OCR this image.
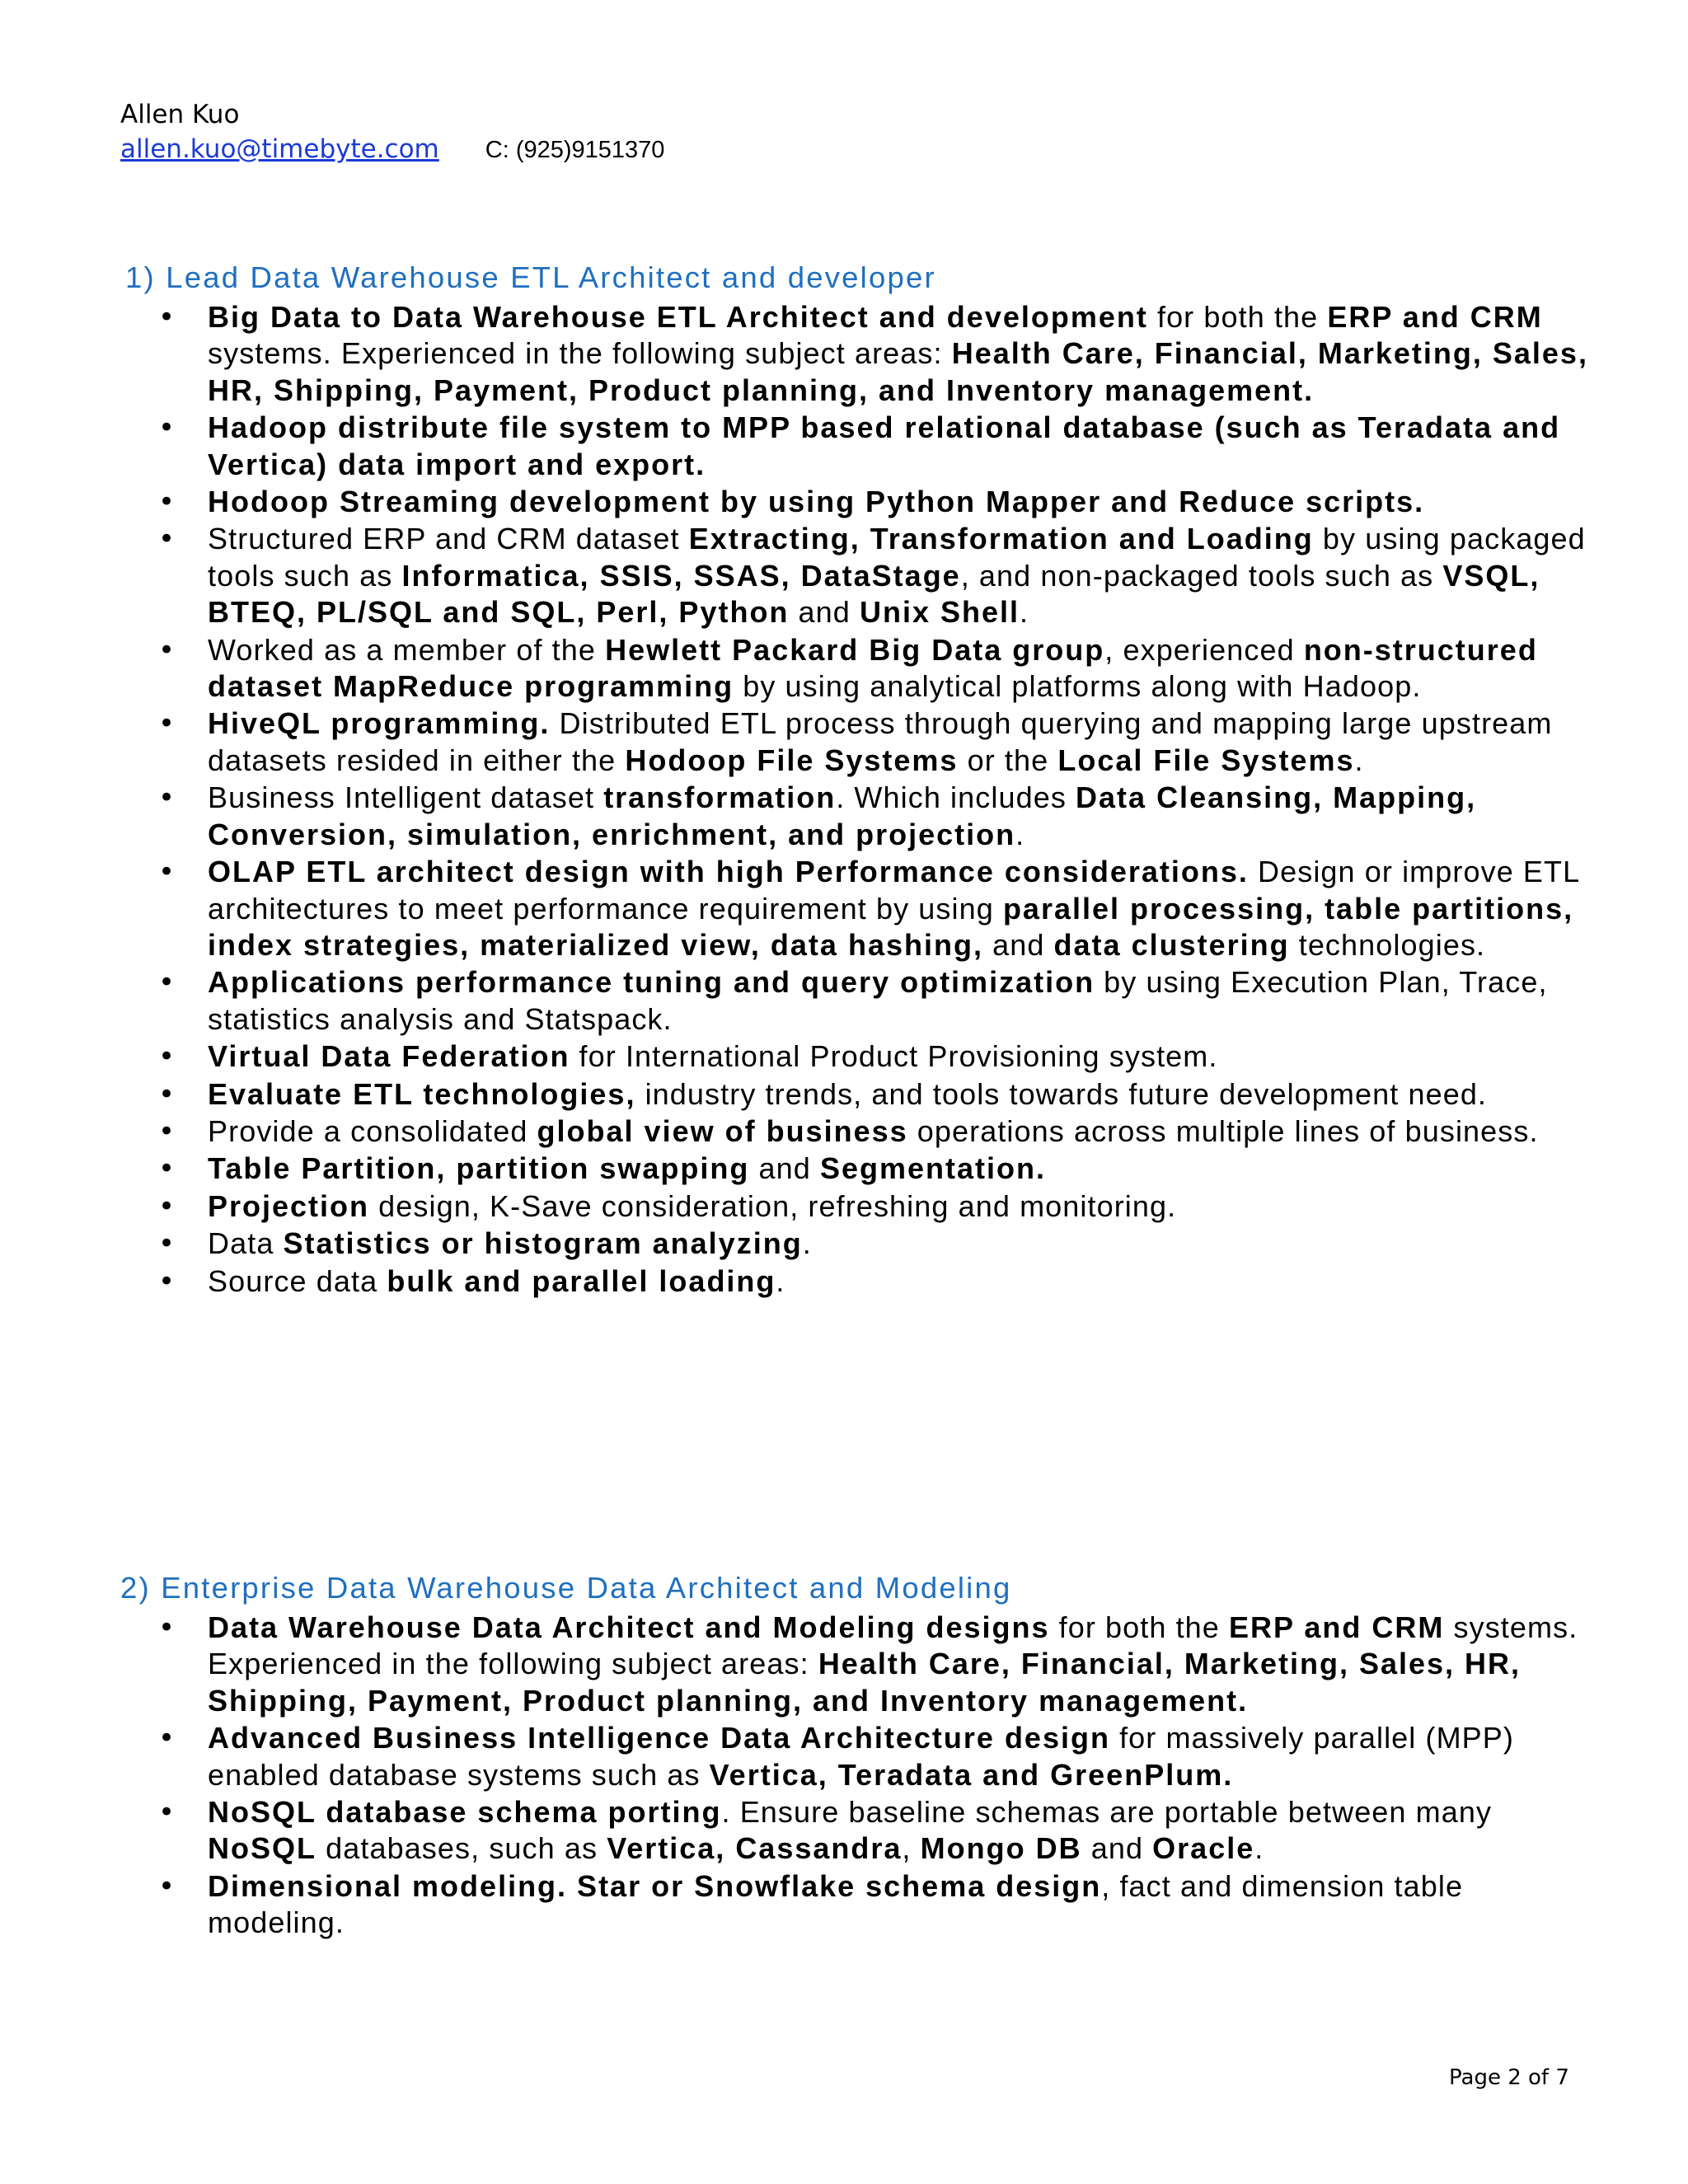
Allen Kuo
allen.kuo@timebyte.com C: (925)9151370
1) Lead Data Warehouse ETL Architect and developer
• Big Data to Data Warehouse ETL Architect and development for both the ERP and CRM systems. Experienced in the following subject areas: Health Care, Financial, Marketing, Sales, HR, Shipping, Payment, Product planning, and Inventory management.
• Hadoop distribute file system to MPP based relational database (such as Teradata and Vertica) data import and export.
• Hodoop Streaming development by using Python Mapper and Reduce scripts.
• Structured ERP and CRM dataset Extracting, Transformation and Loading by using packaged tools such as Informatica, SSIS, SSAS, DataStage, and non-packaged tools such as VSQL, BTEQ, PL/SQL and SQL, Perl, Python and Unix Shell.
• Worked as a member of the Hewlett Packard Big Data group, experienced non-structured dataset MapReduce programming by using analytical platforms along with Hadoop.
• HiveQL programming. Distributed ETL process through querying and mapping large upstream datasets resided in either the Hodoop File Systems or the Local File Systems.
• Business Intelligent dataset transformation. Which includes Data Cleansing, Mapping, Conversion, simulation, enrichment, and projection.
• OLAP ETL architect design with high Performance considerations. Design or improve ETL architectures to meet performance requirement by using parallel processing, table partitions, index strategies, materialized view, data hashing, and data clustering technologies.
• Applications performance tuning and query optimization by using Execution Plan, Trace, statistics analysis and Statspack.
• Virtual Data Federation for International Product Provisioning system.
• Evaluate ETL technologies, industry trends, and tools towards future development need.
• Provide a consolidated global view of business operations across multiple lines of business.
• Table Partition, partition swapping and Segmentation.
• Projection design, K-Save consideration, refreshing and monitoring.
• Data Statistics or histogram analyzing.
• Source data bulk and parallel loading.
2) Enterprise Data Warehouse Data Architect and Modeling
• Data Warehouse Data Architect and Modeling designs for both the ERP and CRM systems. Experienced in the following subject areas: Health Care, Financial, Marketing, Sales, HR, Shipping, Payment, Product planning, and Inventory management.
• Advanced Business Intelligence Data Architecture design for massively parallel (MPP) enabled database systems such as Vertica, Teradata and GreenPlum.
• NoSQL database schema porting. Ensure baseline schemas are portable between many NoSQL databases, such as Vertica, Cassandra, Mongo DB and Oracle.
• Dimensional modeling. Star or Snowflake schema design, fact and dimension table modeling.
Page 2 of 7
